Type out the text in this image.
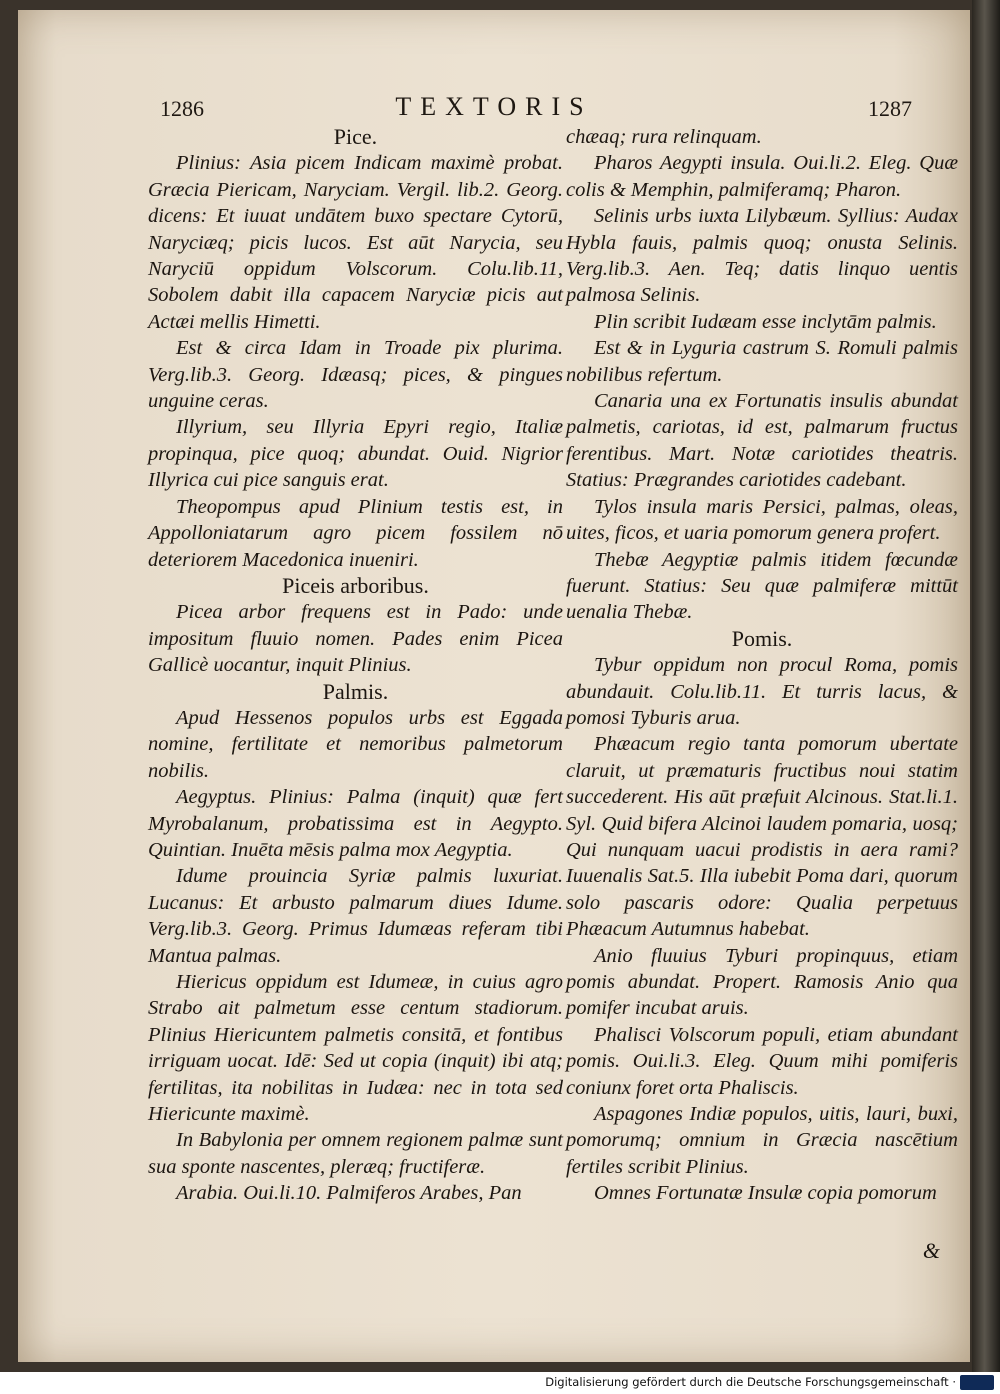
1286	TEXTORIS	1287
Pice.

Plinius: Asia picem Indicam maximè probat. Græcia Piericam, Naryciam. Vergil. lib.2. Georg. dicens: Et iuuat undātem buxo spectare Cytorū, Naryciæq; picis lucos. Est aūt Narycia, seu Naryciū oppidum Volscorum. Colu.lib.11, Sobolem dabit illa capacem Naryciæ picis aut Actæi mellis Himetti.

Est & circa Idam in Troade pix plurima. Verg.lib.3. Georg. Idæasq; pices, & pingues unguine ceras.

Illyrium, seu Illyria Epyri regio, Italiæ propinqua, pice quoq; abundat. Ouid. Nigrior Illyrica cui pice sanguis erat.

Theopompus apud Plinium testis est, in Appolloniatarum agro picem fossilem nō deteriorem Macedonica inueniri.

Piceis arboribus.

Picea arbor frequens est in Pado: unde impositum fluuio nomen. Pades enim Picea Gallicè uocantur, inquit Plinius.

Palmis.

Apud Hessenos populos urbs est Eggada nomine, fertilitate et nemoribus palmetorum nobilis.

Aegyptus. Plinius: Palma (inquit) quæ fert Myrobalanum, probatissima est in Aegypto. Quintian. Inuēta mēsis palma mox Aegyptia.

Idume prouincia Syriæ palmis luxuriat. Lucanus: Et arbusto palmarum diues Idume. Verg.lib.3. Georg. Primus Idumæas referam tibi Mantua palmas.

Hiericus oppidum est Idumeæ, in cuius agro Strabo ait palmetum esse centum stadiorum. Plinius Hiericuntem palmetis consitā, et fontibus irriguam uocat. Idē: Sed ut copia (inquit) ibi atq; fertilitas, ita nobilitas in Iudæa: nec in tota sed Hiericunte maximè.

In Babylonia per omnem regionem palmæ sunt sua sponte nascentes, pleræq; fructiferæ.

Arabia. Oui.li.10. Palmiferos Arabes, Pan

chæaq; rura relinquam.

Pharos Aegypti insula. Oui.li.2. Eleg. Quæ colis & Memphin, palmiferamq; Pharon.

Selinis urbs iuxta Lilybæum. Syllius: Audax Hybla fauis, palmis quoq; onusta Selinis. Verg.lib.3. Aen. Teq; datis linquo uentis palmosa Selinis.

Plin scribit Iudæam esse inclytām palmis.

Est & in Lyguria castrum S. Romuli palmis nobilibus refertum.

Canaria una ex Fortunatis insulis abundat palmetis, cariotas, id est, palmarum fructus ferentibus. Mart. Notæ cariotides theatris. Statius: Prægrandes cariotides cadebant.

Tylos insula maris Persici, palmas, oleas, uites, ficos, et uaria pomorum genera profert.

Thebæ Aegyptiæ palmis itidem fœcundæ fuerunt. Statius: Seu quæ palmiferæ mittūt uenalia Thebæ.

Pomis.

Tybur oppidum non procul Roma, pomis abundauit. Colu.lib.11. Et turris lacus, & pomosi Tyburis arua.

Phæacum regio tanta pomorum ubertate claruit, ut præmaturis fructibus noui statim succederent. His aūt præfuit Alcinous. Stat.li.1. Syl. Quid bifera Alcinoi laudem pomaria, uosq; Qui nunquam uacui prodistis in aera rami? Iuuenalis Sat.5. Illa iubebit Poma dari, quorum solo pascaris odore: Qualia perpetuus Phæacum Autumnus habebat.

Anio fluuius Tyburi propinquus, etiam pomis abundat. Propert. Ramosis Anio qua pomifer incubat aruis.

Phalisci Volscorum populi, etiam abundant pomis. Oui.li.3. Eleg. Quum mihi pomiferis coniunx foret orta Phaliscis.

Aspagones Indiæ populos, uitis, lauri, buxi, pomorumq; omnium in Græcia nascētium fertiles scribit Plinius.

Omnes Fortunatæ Insulæ copia pomorum

&
Digitalisierung gefördert durch die Deutsche Forschungsgemeinschaft ·
